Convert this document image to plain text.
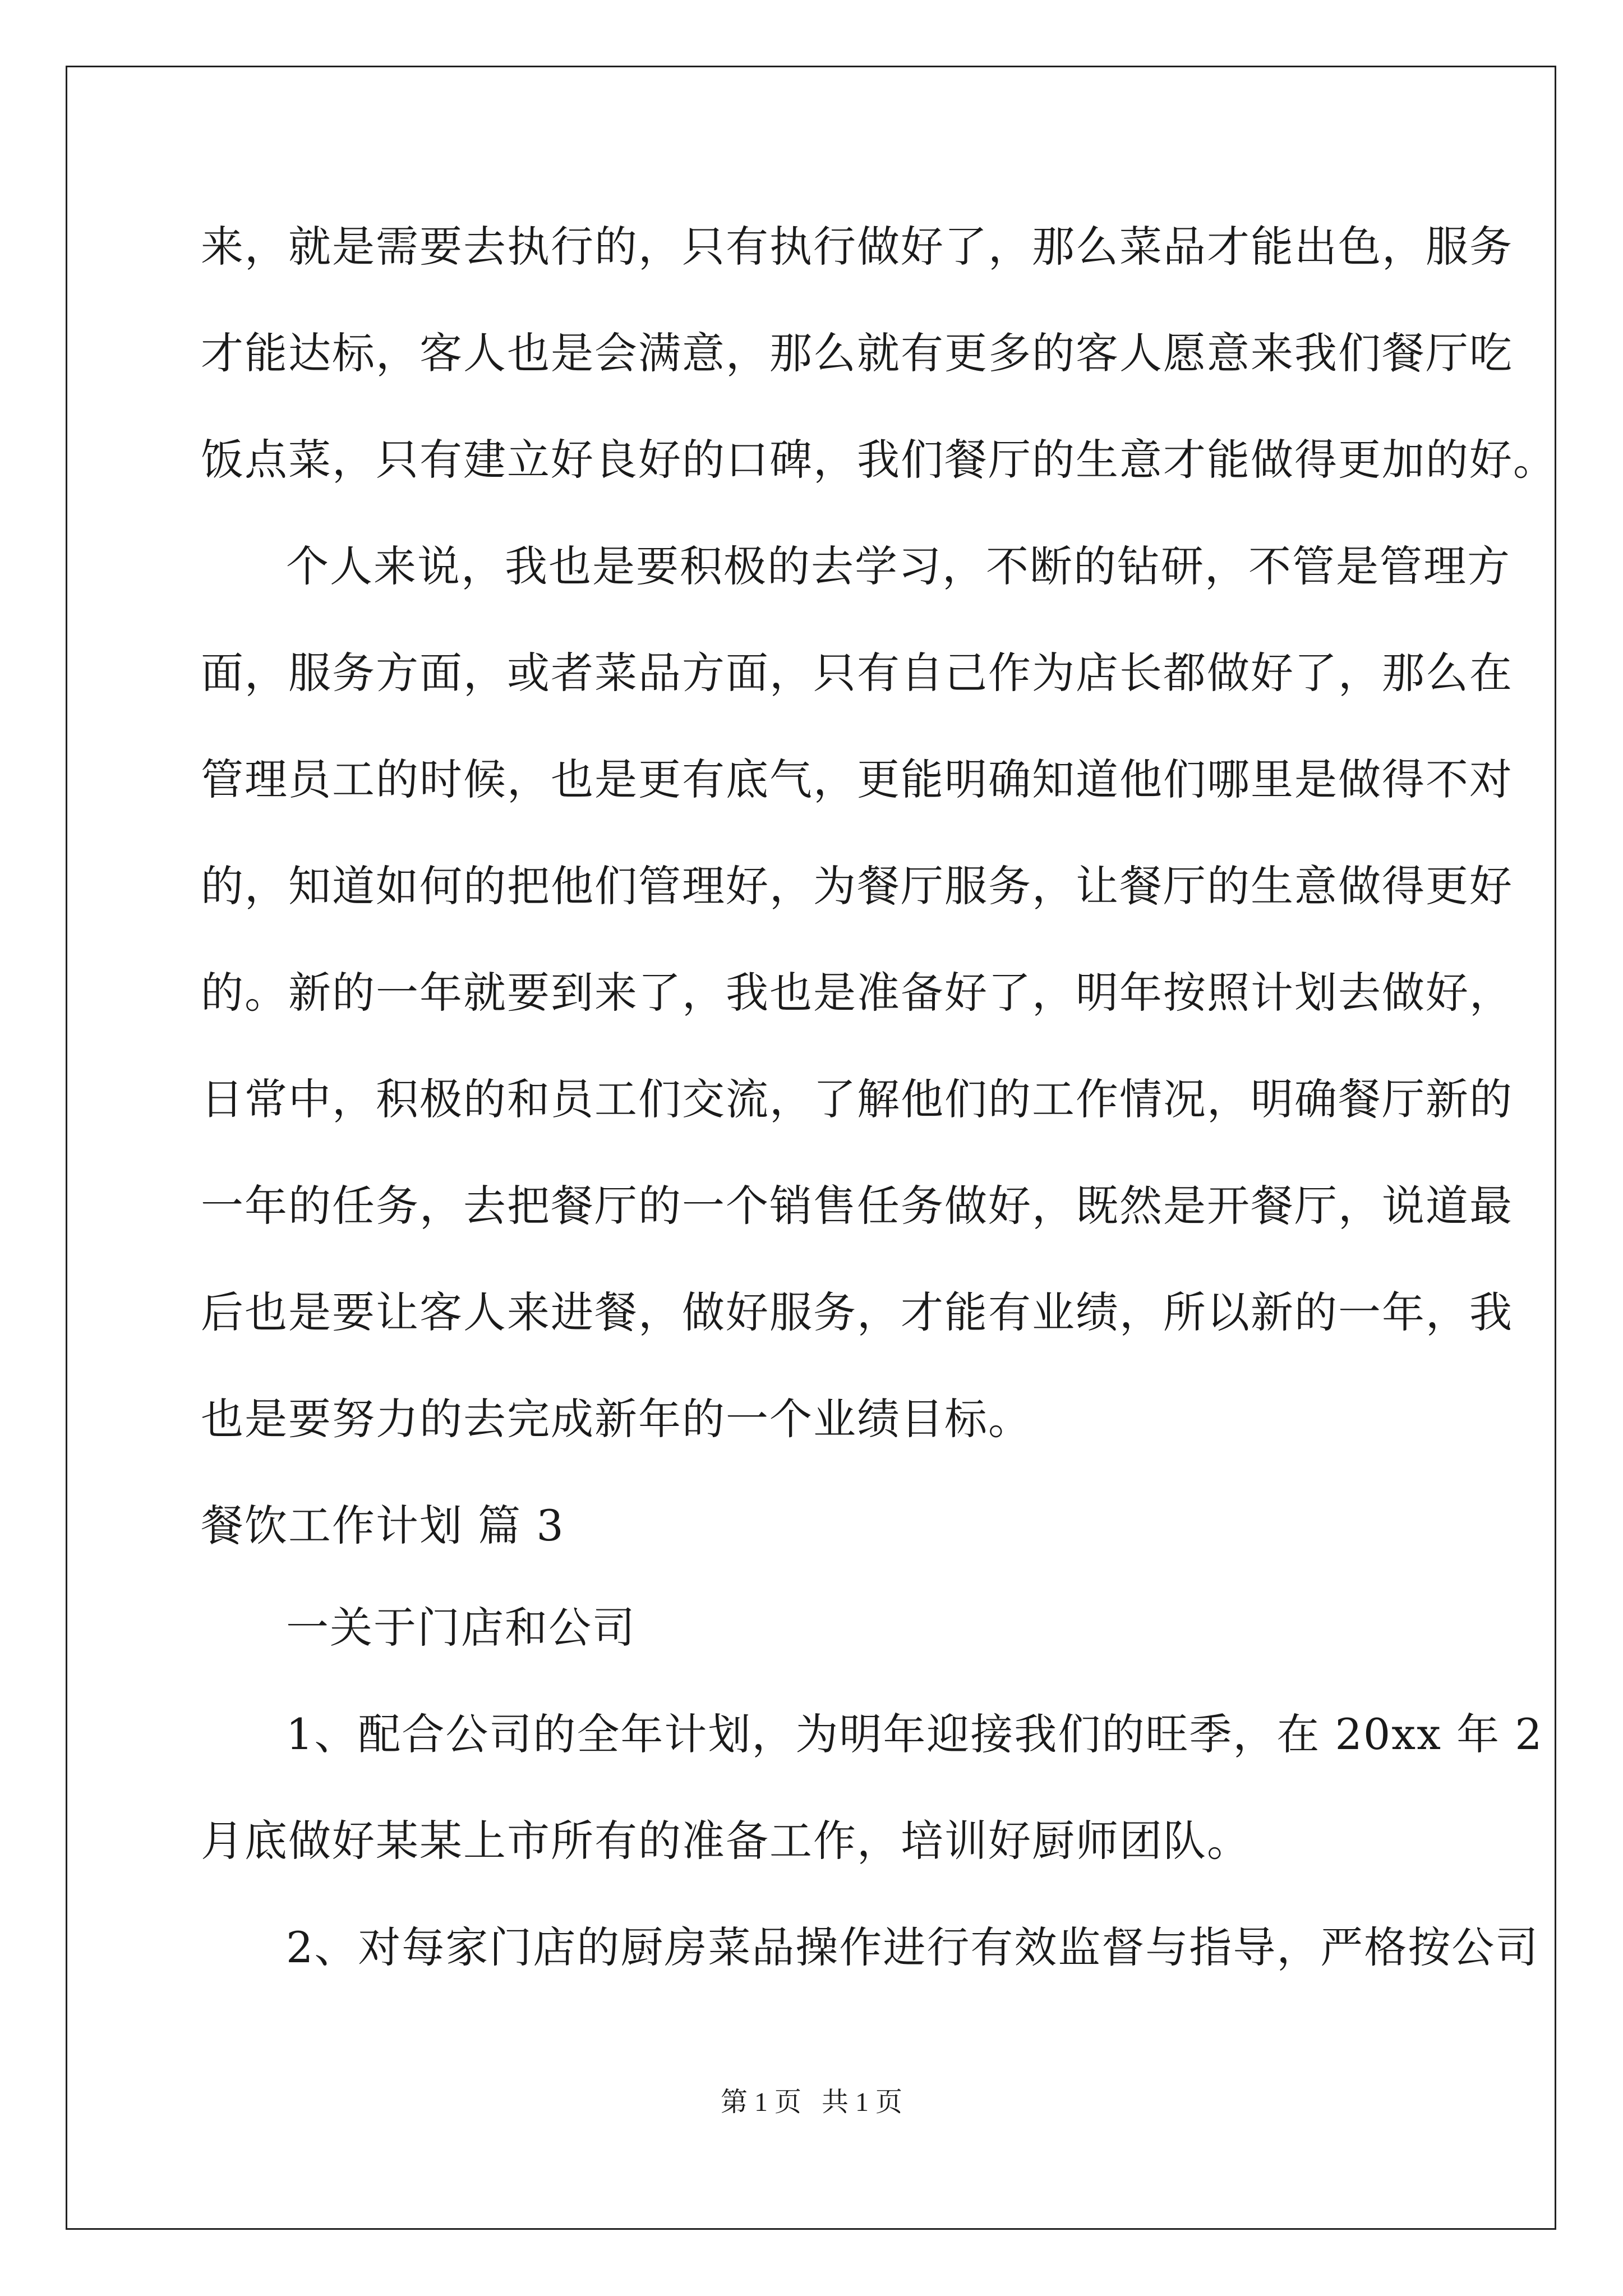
来，就是需要去执行的，只有执行做好了，那么菜品才能出色，服务
才能达标，客人也是会满意，那么就有更多的客人愿意来我们餐厅吃
饭点菜，只有建立好良好的口碑，我们餐厅的生意才能做得更加的好。
个人来说，我也是要积极的去学习，不断的钻研，不管是管理方
面，服务方面，或者菜品方面，只有自己作为店长都做好了，那么在
管理员工的时候，也是更有底气，更能明确知道他们哪里是做得不对
的，知道如何的把他们管理好，为餐厅服务，让餐厅的生意做得更好
的。新的一年就要到来了，我也是准备好了，明年按照计划去做好，
日常中，积极的和员工们交流，了解他们的工作情况，明确餐厅新的
一年的任务，去把餐厅的一个销售任务做好，既然是开餐厅，说道最
后也是要让客人来进餐，做好服务，才能有业绩，所以新的一年，我
也是要努力的去完成新年的一个业绩目标。
餐饮工作计划 篇 3
一关于门店和公司
1、配合公司的全年计划，为明年迎接我们的旺季，在 20xx 年 2
月底做好某某上市所有的准备工作，培训好厨师团队。
2、对每家门店的厨房菜品操作进行有效监督与指导，严格按公司
第 1 页   共 1 页
